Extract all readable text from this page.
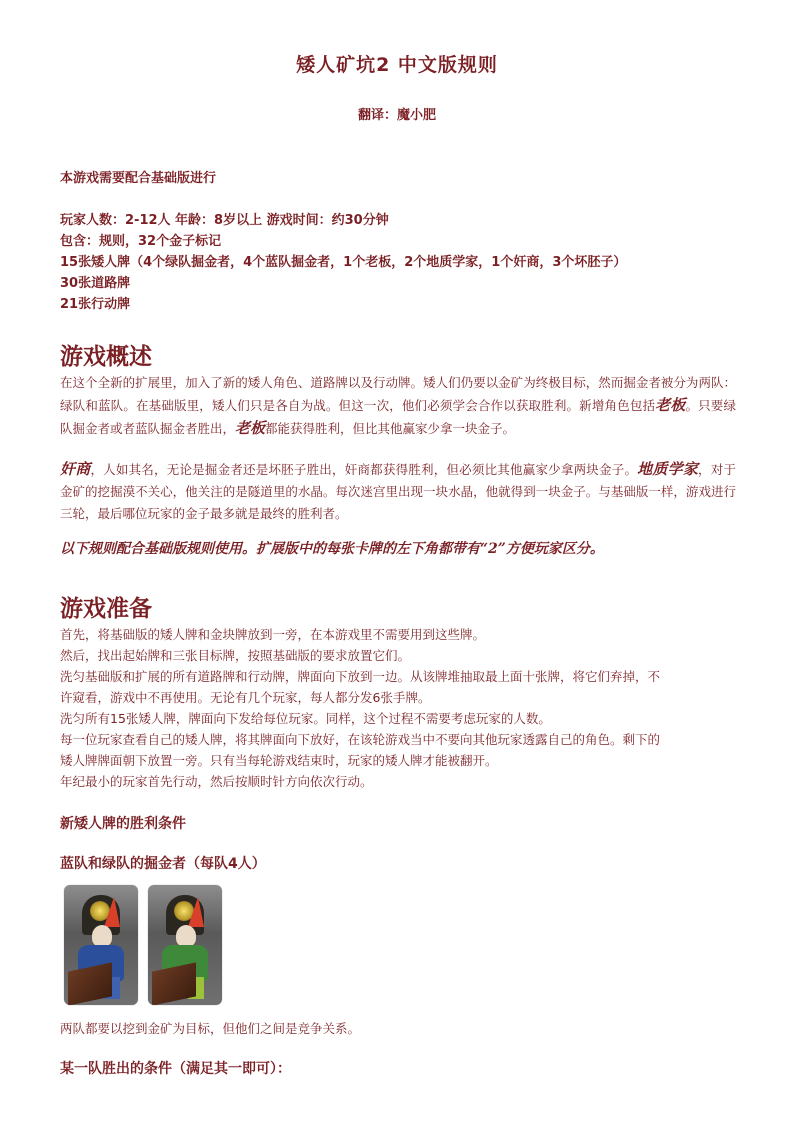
矮人矿坑2 中文版规则
翻译：魔小肥
本游戏需要配合基础版进行
玩家人数：2-12人 年龄：8岁以上 游戏时间：约30分钟
包含：规则，32个金子标记
15张矮人牌（4个绿队掘金者，4个蓝队掘金者，1个老板，2个地质学家，1个奸商，3个坏胚子）
30张道路牌
21张行动牌
游戏概述
在这个全新的扩展里，加入了新的矮人角色、道路牌以及行动牌。矮人们仍要以金矿为终极目标，然而掘金者被分为两队：绿队和蓝队。在基础版里，矮人们只是各自为战。但这一次，他们必须学会合作以获取胜利。新增角色包括老板。只要绿队掘金者或者蓝队掘金者胜出，老板都能获得胜利，但比其他赢家少拿一块金子。
奸商，人如其名，无论是掘金者还是坏胚子胜出，奸商都获得胜利，但必须比其他赢家少拿两块金子。地质学家，对于金矿的挖掘漠不关心，他关注的是隧道里的水晶。每次迷宫里出现一块水晶，他就得到一块金子。与基础版一样，游戏进行三轮，最后哪位玩家的金子最多就是最终的胜利者。
以下规则配合基础版规则使用。扩展版中的每张卡牌的左下角都带有“2”方便玩家区分。
游戏准备
首先，将基础版的矮人牌和金块牌放到一旁，在本游戏里不需要用到这些牌。
然后，找出起始牌和三张目标牌，按照基础版的要求放置它们。
洗匀基础版和扩展的所有道路牌和行动牌，牌面向下放到一边。从该牌堆抽取最上面十张牌，将它们弃掉，不
许窥看，游戏中不再使用。无论有几个玩家，每人都分发6张手牌。
洗匀所有15张矮人牌，牌面向下发给每位玩家。同样，这个过程不需要考虑玩家的人数。
每一位玩家查看自己的矮人牌，将其牌面向下放好，在该轮游戏当中不要向其他玩家透露自己的角色。剩下的
矮人牌牌面朝下放置一旁。只有当每轮游戏结束时，玩家的矮人牌才能被翻开。
年纪最小的玩家首先行动，然后按顺时针方向依次行动。
新矮人牌的胜利条件
蓝队和绿队的掘金者（每队4人）
两队都要以挖到金矿为目标，但他们之间是竞争关系。
某一队胜出的条件（满足其一即可）：
